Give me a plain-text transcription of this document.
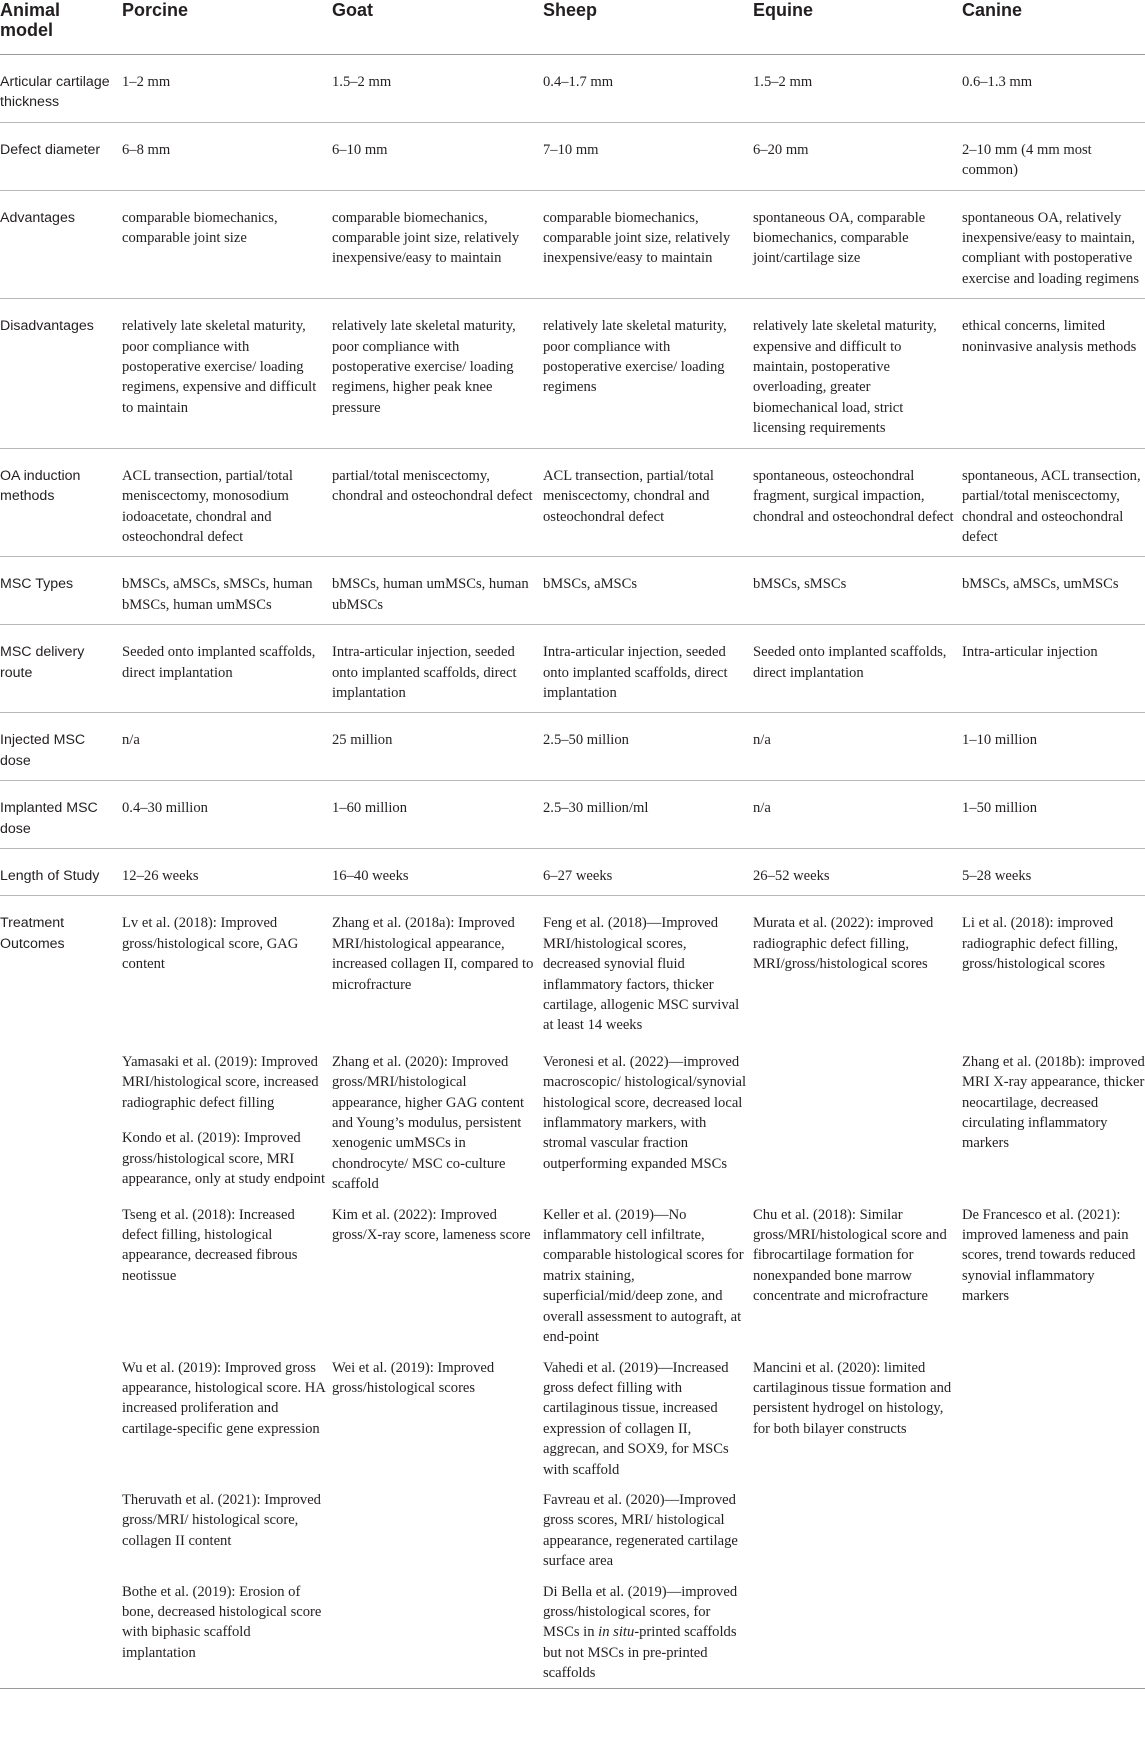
Animal model	Porcine	Goat	Sheep	Equine	Canine
Articular cartilage thickness	1–2 mm	1.5–2 mm	0.4–1.7 mm	1.5–2 mm	0.6–1.3 mm
Defect diameter	6–8 mm	6–10 mm	7–10 mm	6–20 mm	2–10 mm (4 mm most common)
Advantages	comparable biomechanics, comparable joint size	comparable biomechanics, comparable joint size, relatively inexpensive/easy to maintain	comparable biomechanics, comparable joint size, relatively inexpensive/easy to maintain	spontaneous OA, comparable biomechanics, comparable joint/cartilage size	spontaneous OA, relatively inexpensive/easy to maintain, compliant with postoperative exercise and loading regimens
Disadvantages	relatively late skeletal maturity, poor compliance with postoperative exercise/ loading regimens, expensive and difficult to maintain	relatively late skeletal maturity, poor compliance with postoperative exercise/ loading regimens, higher peak knee pressure	relatively late skeletal maturity, poor compliance with postoperative exercise/ loading regimens	relatively late skeletal maturity, expensive and difficult to maintain, postoperative overloading, greater biomechanical load, strict licensing requirements	ethical concerns, limited noninvasive analysis methods
OA induction methods	ACL transection, partial/total meniscectomy, monosodium iodoacetate, chondral and osteochondral defect	partial/total meniscectomy, chondral and osteochondral defect	ACL transection, partial/total meniscectomy, chondral and osteochondral defect	spontaneous, osteochondral fragment, surgical impaction, chondral and osteochondral defect	spontaneous, ACL transection, partial/total meniscectomy, chondral and osteochondral defect
MSC Types	bMSCs, aMSCs, sMSCs, human bMSCs, human umMSCs	bMSCs, human umMSCs, human ubMSCs	bMSCs, aMSCs	bMSCs, sMSCs	bMSCs, aMSCs, umMSCs
MSC delivery route	Seeded onto implanted scaffolds, direct implantation	Intra-articular injection, seeded onto implanted scaffolds, direct implantation	Intra-articular injection, seeded onto implanted scaffolds, direct implantation	Seeded onto implanted scaffolds, direct implantation	Intra-articular injection
Injected MSC dose	n/a	25 million	2.5–50 million	n/a	1–10 million
Implanted MSC dose	0.4–30 million	1–60 million	2.5–30 million/ml	n/a	1–50 million
Length of Study	12–26 weeks	16–40 weeks	6–27 weeks	26–52 weeks	5–28 weeks
Treatment Outcomes	Lv et al. (2018): Improved gross/histological score, GAG content	Zhang et al. (2018a): Improved MRI/histological appearance, increased collagen II, compared to microfracture	Feng et al. (2018)—Improved MRI/histological scores, decreased synovial fluid inflammatory factors, thicker cartilage, allogenic MSC survival at least 14 weeks	Murata et al. (2022): improved radiographic defect filling, MRI/gross/histological scores	Li et al. (2018): improved radiographic defect filling, gross/histological scores
	Yamasaki et al. (2019): Improved MRI/histological score, increased radiographic defect filling	Zhang et al. (2020): Improved gross/MRI/histological appearance, higher GAG content and Young’s modulus, persistent xenogenic umMSCs in chondrocyte/ MSC co-culture scaffold	Veronesi et al. (2022)—improved macroscopic/ histological/synovial histological score, decreased local inflammatory markers, with stromal vascular fraction outperforming expanded MSCs		Zhang et al. (2018b): improved MRI X-ray appearance, thicker neocartilage, decreased circulating inflammatory markers
	Kondo et al. (2019): Improved gross/histological score, MRI appearance, only at study endpoint				
	Tseng et al. (2018): Increased defect filling, histological appearance, decreased fibrous neotissue	Kim et al. (2022): Improved gross/X-ray score, lameness score	Keller et al. (2019)—No inflammatory cell infiltrate, comparable histological scores for matrix staining, superficial/mid/deep zone, and overall assessment to autograft, at end-point	Chu et al. (2018): Similar gross/MRI/histological score and fibrocartilage formation for nonexpanded bone marrow concentrate and microfracture	De Francesco et al. (2021): improved lameness and pain scores, trend towards reduced synovial inflammatory markers
	Wu et al. (2019): Improved gross appearance, histological score. HA increased proliferation and cartilage-specific gene expression	Wei et al. (2019): Improved gross/histological scores	Vahedi et al. (2019)—Increased gross defect filling with cartilaginous tissue, increased expression of collagen II, aggrecan, and SOX9, for MSCs with scaffold	Mancini et al. (2020): limited cartilaginous tissue formation and persistent hydrogel on histology, for both bilayer constructs	
	Theruvath et al. (2021): Improved gross/MRI/ histological score, collagen II content		Favreau et al. (2020)—Improved gross scores, MRI/ histological appearance, regenerated cartilage surface area		
	Bothe et al. (2019): Erosion of bone, decreased histological score with biphasic scaffold implantation		Di Bella et al. (2019)—improved gross/histological scores, for MSCs in in situ-printed scaffolds but not MSCs in pre-printed scaffolds		
